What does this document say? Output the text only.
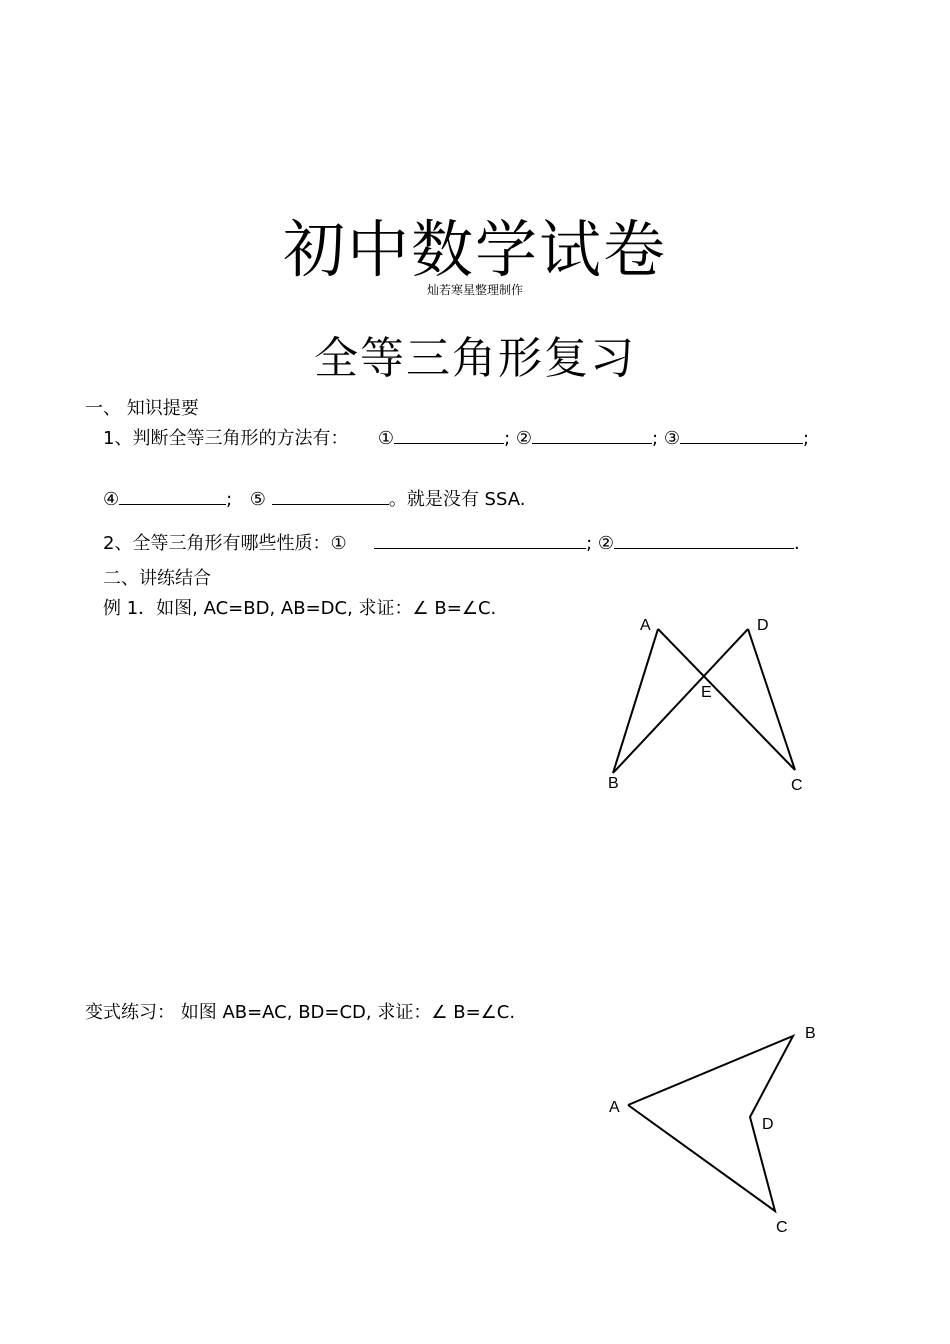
初中数学试卷
灿若寒星整理制作
全等三角形复习
一、 知识提要
1、判断全等三角形的方法有： ①	; ②	; ③	;
④	; ⑤	。就是没有 SSA.
2、全等三角形有哪些性质：①	; ②	.
二、讲练结合
例 1．如图, AC=BD, AB=DC, 求证：∠ B=∠C.
A	D
E
B	C
变式练习： 如图 AB=AC, BD=CD, 求证：∠ B=∠C.
A
B
D
C
